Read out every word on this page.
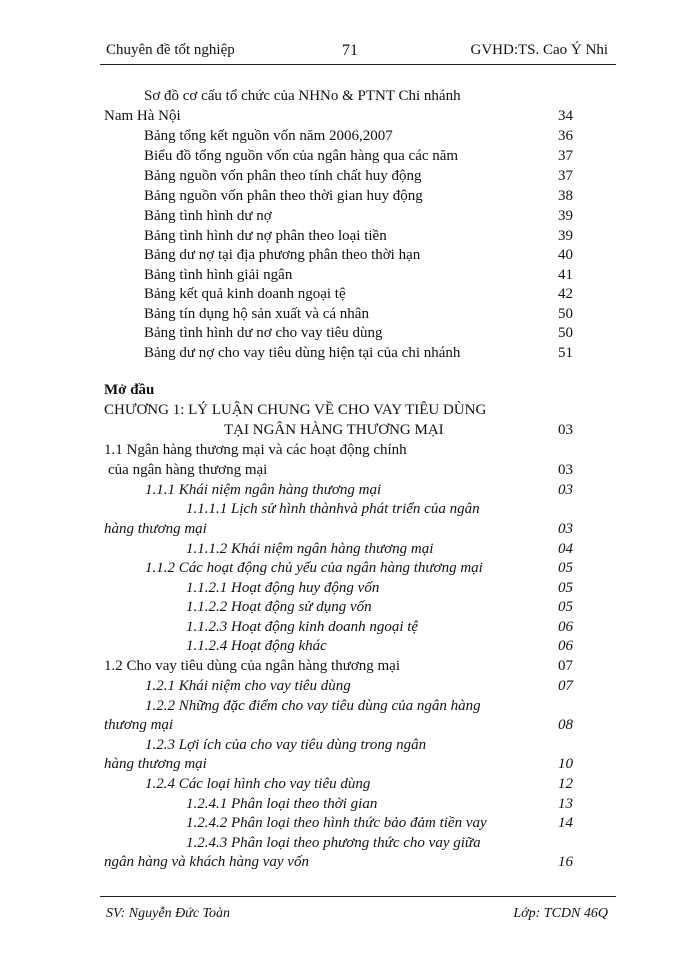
Chuyên đề tốt nghiệp	71	GVHD:TS. Cao Ý Nhi
Sơ đồ cơ cấu tổ chức của NHNo & PTNT Chi nhánh
Nam Hà Nội	34
Bảng tổng kết nguồn vốn năm 2006,2007	36
Biểu đồ tổng nguồn vốn của ngân hàng qua các năm	37
Bảng nguồn vốn phân theo tính chất huy động	37
Bảng nguồn vốn phân theo thời gian huy động	38
Bảng tình hình dư nợ	39
Bảng tình hình dư nợ phân theo loại tiền	39
Bảng dư nợ tại địa phương phân theo thời hạn	40
Bảng tình hình giải ngân	41
Bảng kết quả kinh doanh ngoại tệ	42
Bảng tín dụng hộ sản xuất và cá nhân	50
Bảng tình hình dư nơ cho vay tiêu dùng	50
Bảng dư nợ cho vay tiêu dùng hiện tại của chi nhánh	51
Mở đầu
CHƯƠNG 1: LÝ LUẬN CHUNG VỀ CHO VAY TIÊU DÙNG
TẠI NGÂN HÀNG THƯƠNG MẠI	03
1.1 Ngân hàng thương mại và các hoạt động chính
của ngân hàng thương mại	03
1.1.1 Khái niệm ngân hàng thương mại	03
1.1.1.1 Lịch sử hình thànhvà phát triển của ngân
hàng thương mại	03
1.1.1.2 Khái niệm ngân hàng thương mại	04
1.1.2 Các hoạt động chủ yếu của ngân hàng thương mại	05
1.1.2.1 Hoạt động huy động vốn	05
1.1.2.2 Hoạt động sử dụng vốn	05
1.1.2.3 Hoạt động kinh doanh ngoại tệ	06
1.1.2.4 Hoạt động khác	06
1.2 Cho vay tiêu dùng của ngân hàng thương mại	07
1.2.1 Khái niệm cho vay tiêu dùng	07
1.2.2 Những đặc điểm cho vay tiêu dùng của ngân hàng
thương mại	08
1.2.3 Lợi ích của cho vay tiêu dùng trong ngân
hàng thương mại	10
1.2.4 Các loại hình cho vay tiêu dùng	12
1.2.4.1 Phân loại theo thời gian	13
1.2.4.2 Phân loại theo hình thức bảo đảm tiền vay	14
1.2.4.3 Phân loại theo phương thức cho vay giữa
ngân hàng và khách hàng vay vốn	16
SV: Nguyễn Đức Toàn	Lớp: TCDN 46Q
